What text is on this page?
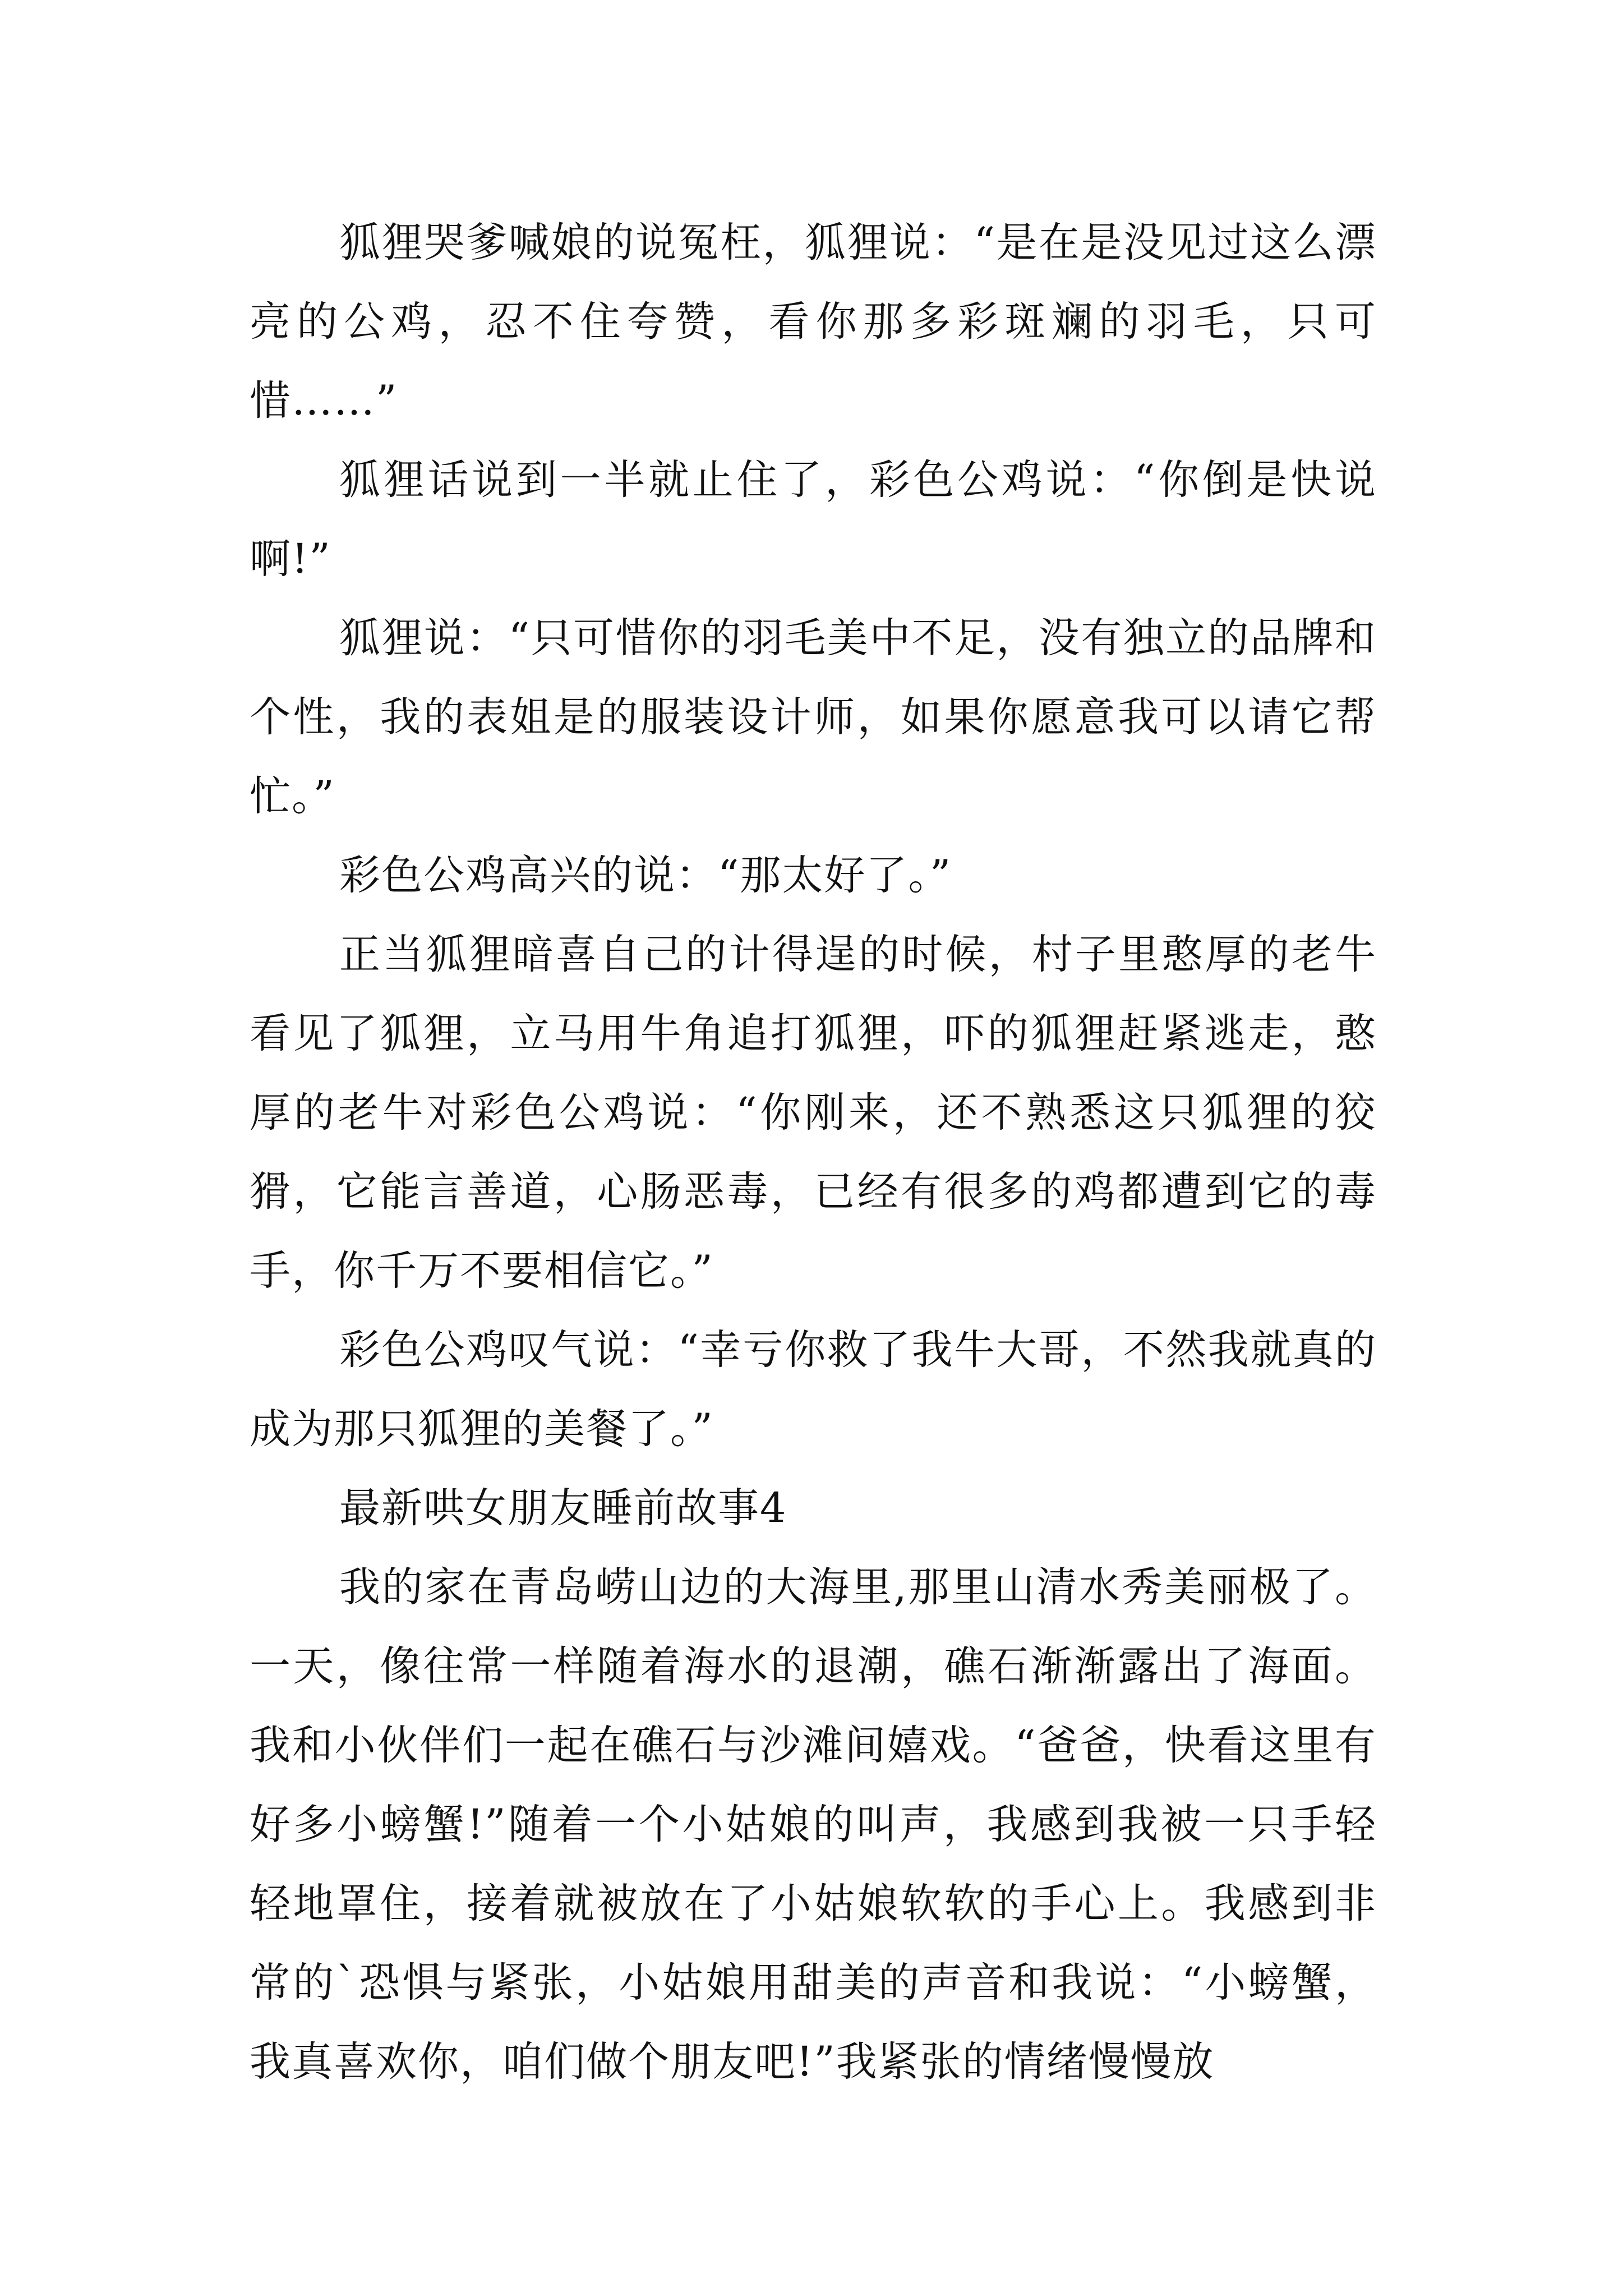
狐狸哭爹喊娘的说冤枉，狐狸说：“是在是没见过这么漂亮的公鸡，忍不住夸赞，看你那多彩斑斓的羽毛，只可惜……”

狐狸话说到一半就止住了，彩色公鸡说：“你倒是快说啊!”

狐狸说：“只可惜你的羽毛美中不足，没有独立的品牌和个性，我的表姐是的服装设计师，如果你愿意我可以请它帮忙。”

彩色公鸡高兴的说：“那太好了。”

正当狐狸暗喜自己的计得逞的时候，村子里憨厚的老牛看见了狐狸，立马用牛角追打狐狸，吓的狐狸赶紧逃走，憨厚的老牛对彩色公鸡说：“你刚来，还不熟悉这只狐狸的狡猾，它能言善道，心肠恶毒，已经有很多的鸡都遭到它的毒手，你千万不要相信它。”

彩色公鸡叹气说：“幸亏你救了我牛大哥，不然我就真的成为那只狐狸的美餐了。”

最新哄女朋友睡前故事4

我的家在青岛崂山边的大海里,那里山清水秀美丽极了。一天，像往常一样随着海水的退潮，礁石渐渐露出了海面。我和小伙伴们一起在礁石与沙滩间嬉戏。“爸爸，快看这里有好多小螃蟹!”随着一个小姑娘的叫声，我感到我被一只手轻轻地罩住，接着就被放在了小姑娘软软的手心上。我感到非常的`恐惧与紧张，小姑娘用甜美的声音和我说：“小螃蟹，我真喜欢你，咱们做个朋友吧!”我紧张的情绪慢慢放
